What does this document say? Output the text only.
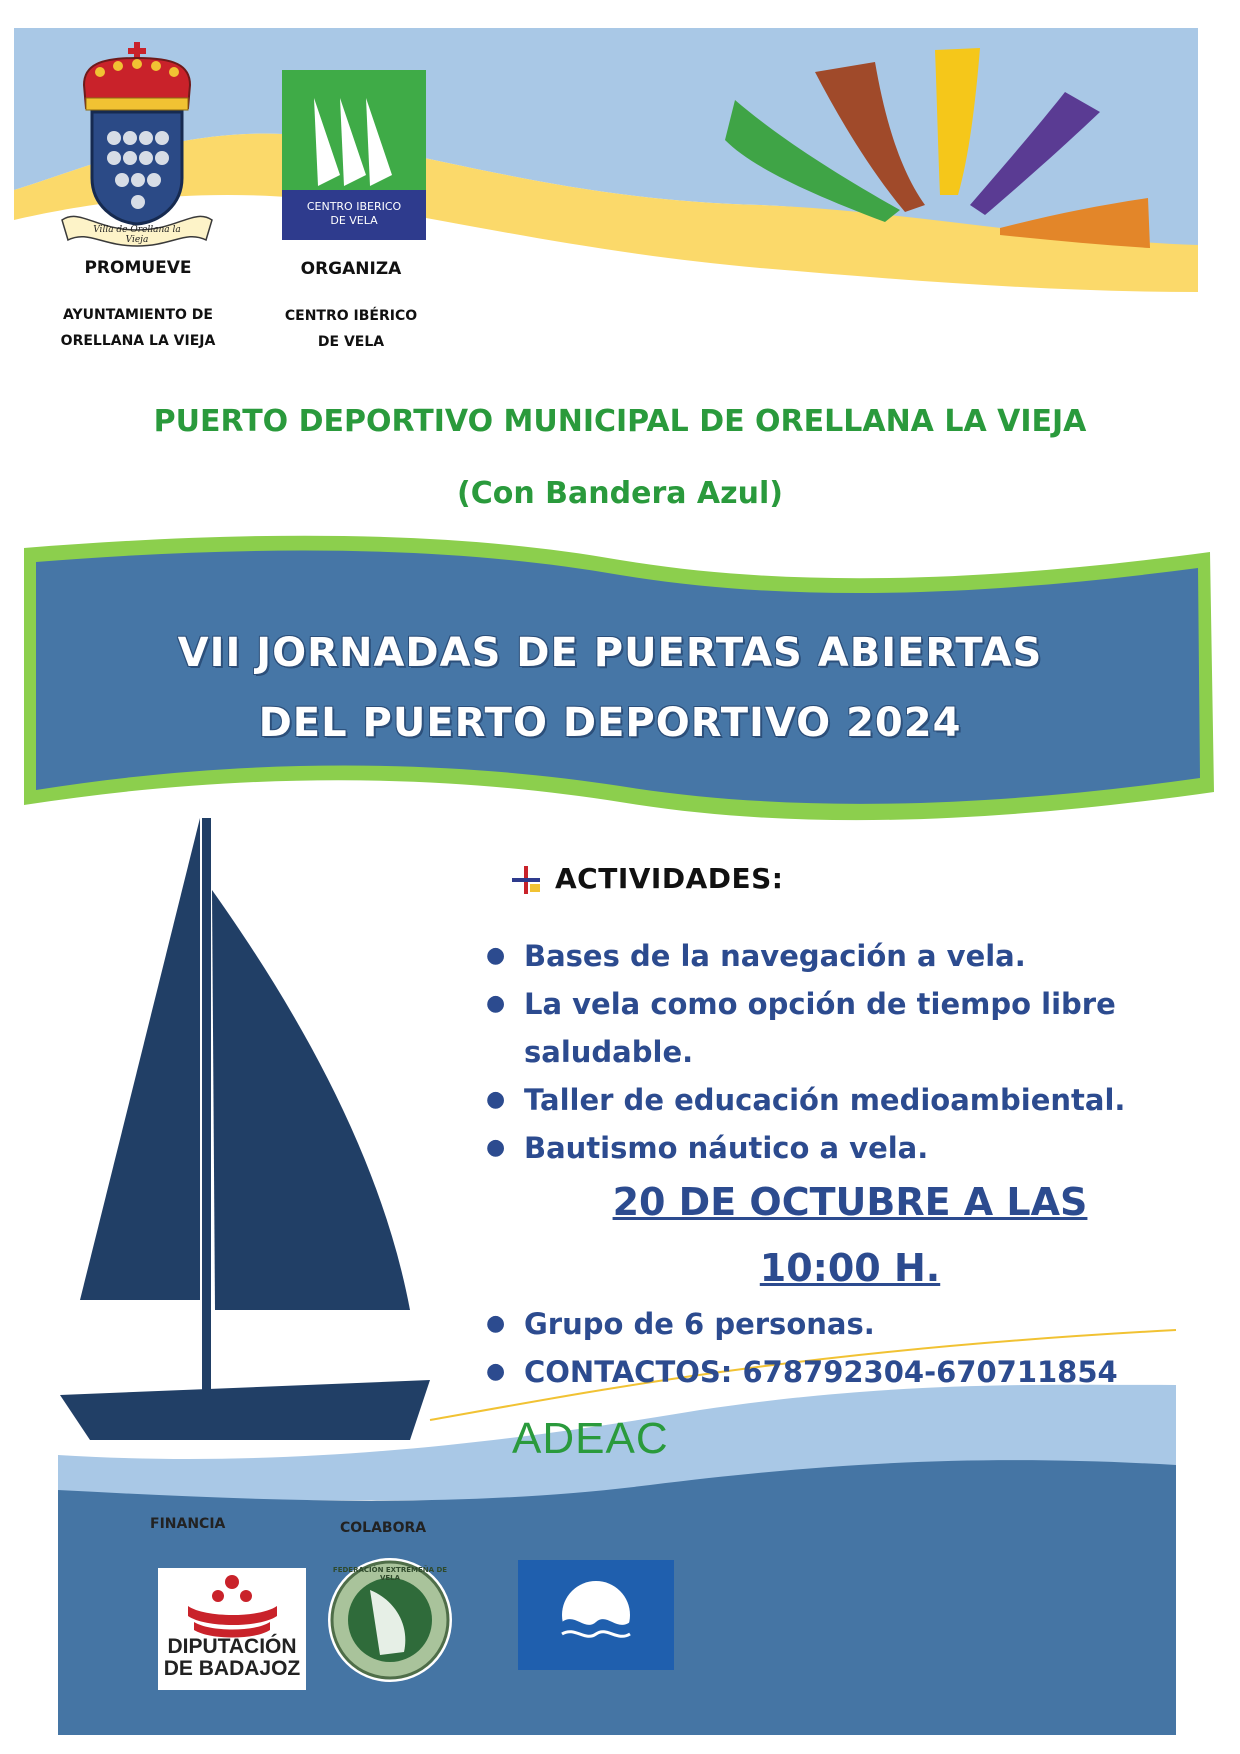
Villa de Orellana la Vieja
CENTRO IBERICO
DE VELA
PROMUEVE
AYUNTAMIENTO DE
ORELLANA LA VIEJA
ORGANIZA
CENTRO IBÉRICO
DE VELA
PUERTO DEPORTIVO MUNICIPAL DE ORELLANA LA VIEJA
(Con Bandera Azul)
VII JORNADAS DE PUERTAS ABIERTAS
DEL PUERTO DEPORTIVO 2024
ACTIVIDADES:
● Bases de la navegación a vela.
● La vela como opción de tiempo libre saludable.
● Taller de educación medioambiental.
● Bautismo náutico a vela.
20 DE OCTUBRE A LAS
10:00 H.
● Grupo de 6 personas.
● CONTACTOS: 678792304-670711854
ADEAC
FINANCIA	COLABORA
DIPUTACIÓN
DE BADAJOZ
FEDERACIÓN EXTREMEÑA DE VELA
